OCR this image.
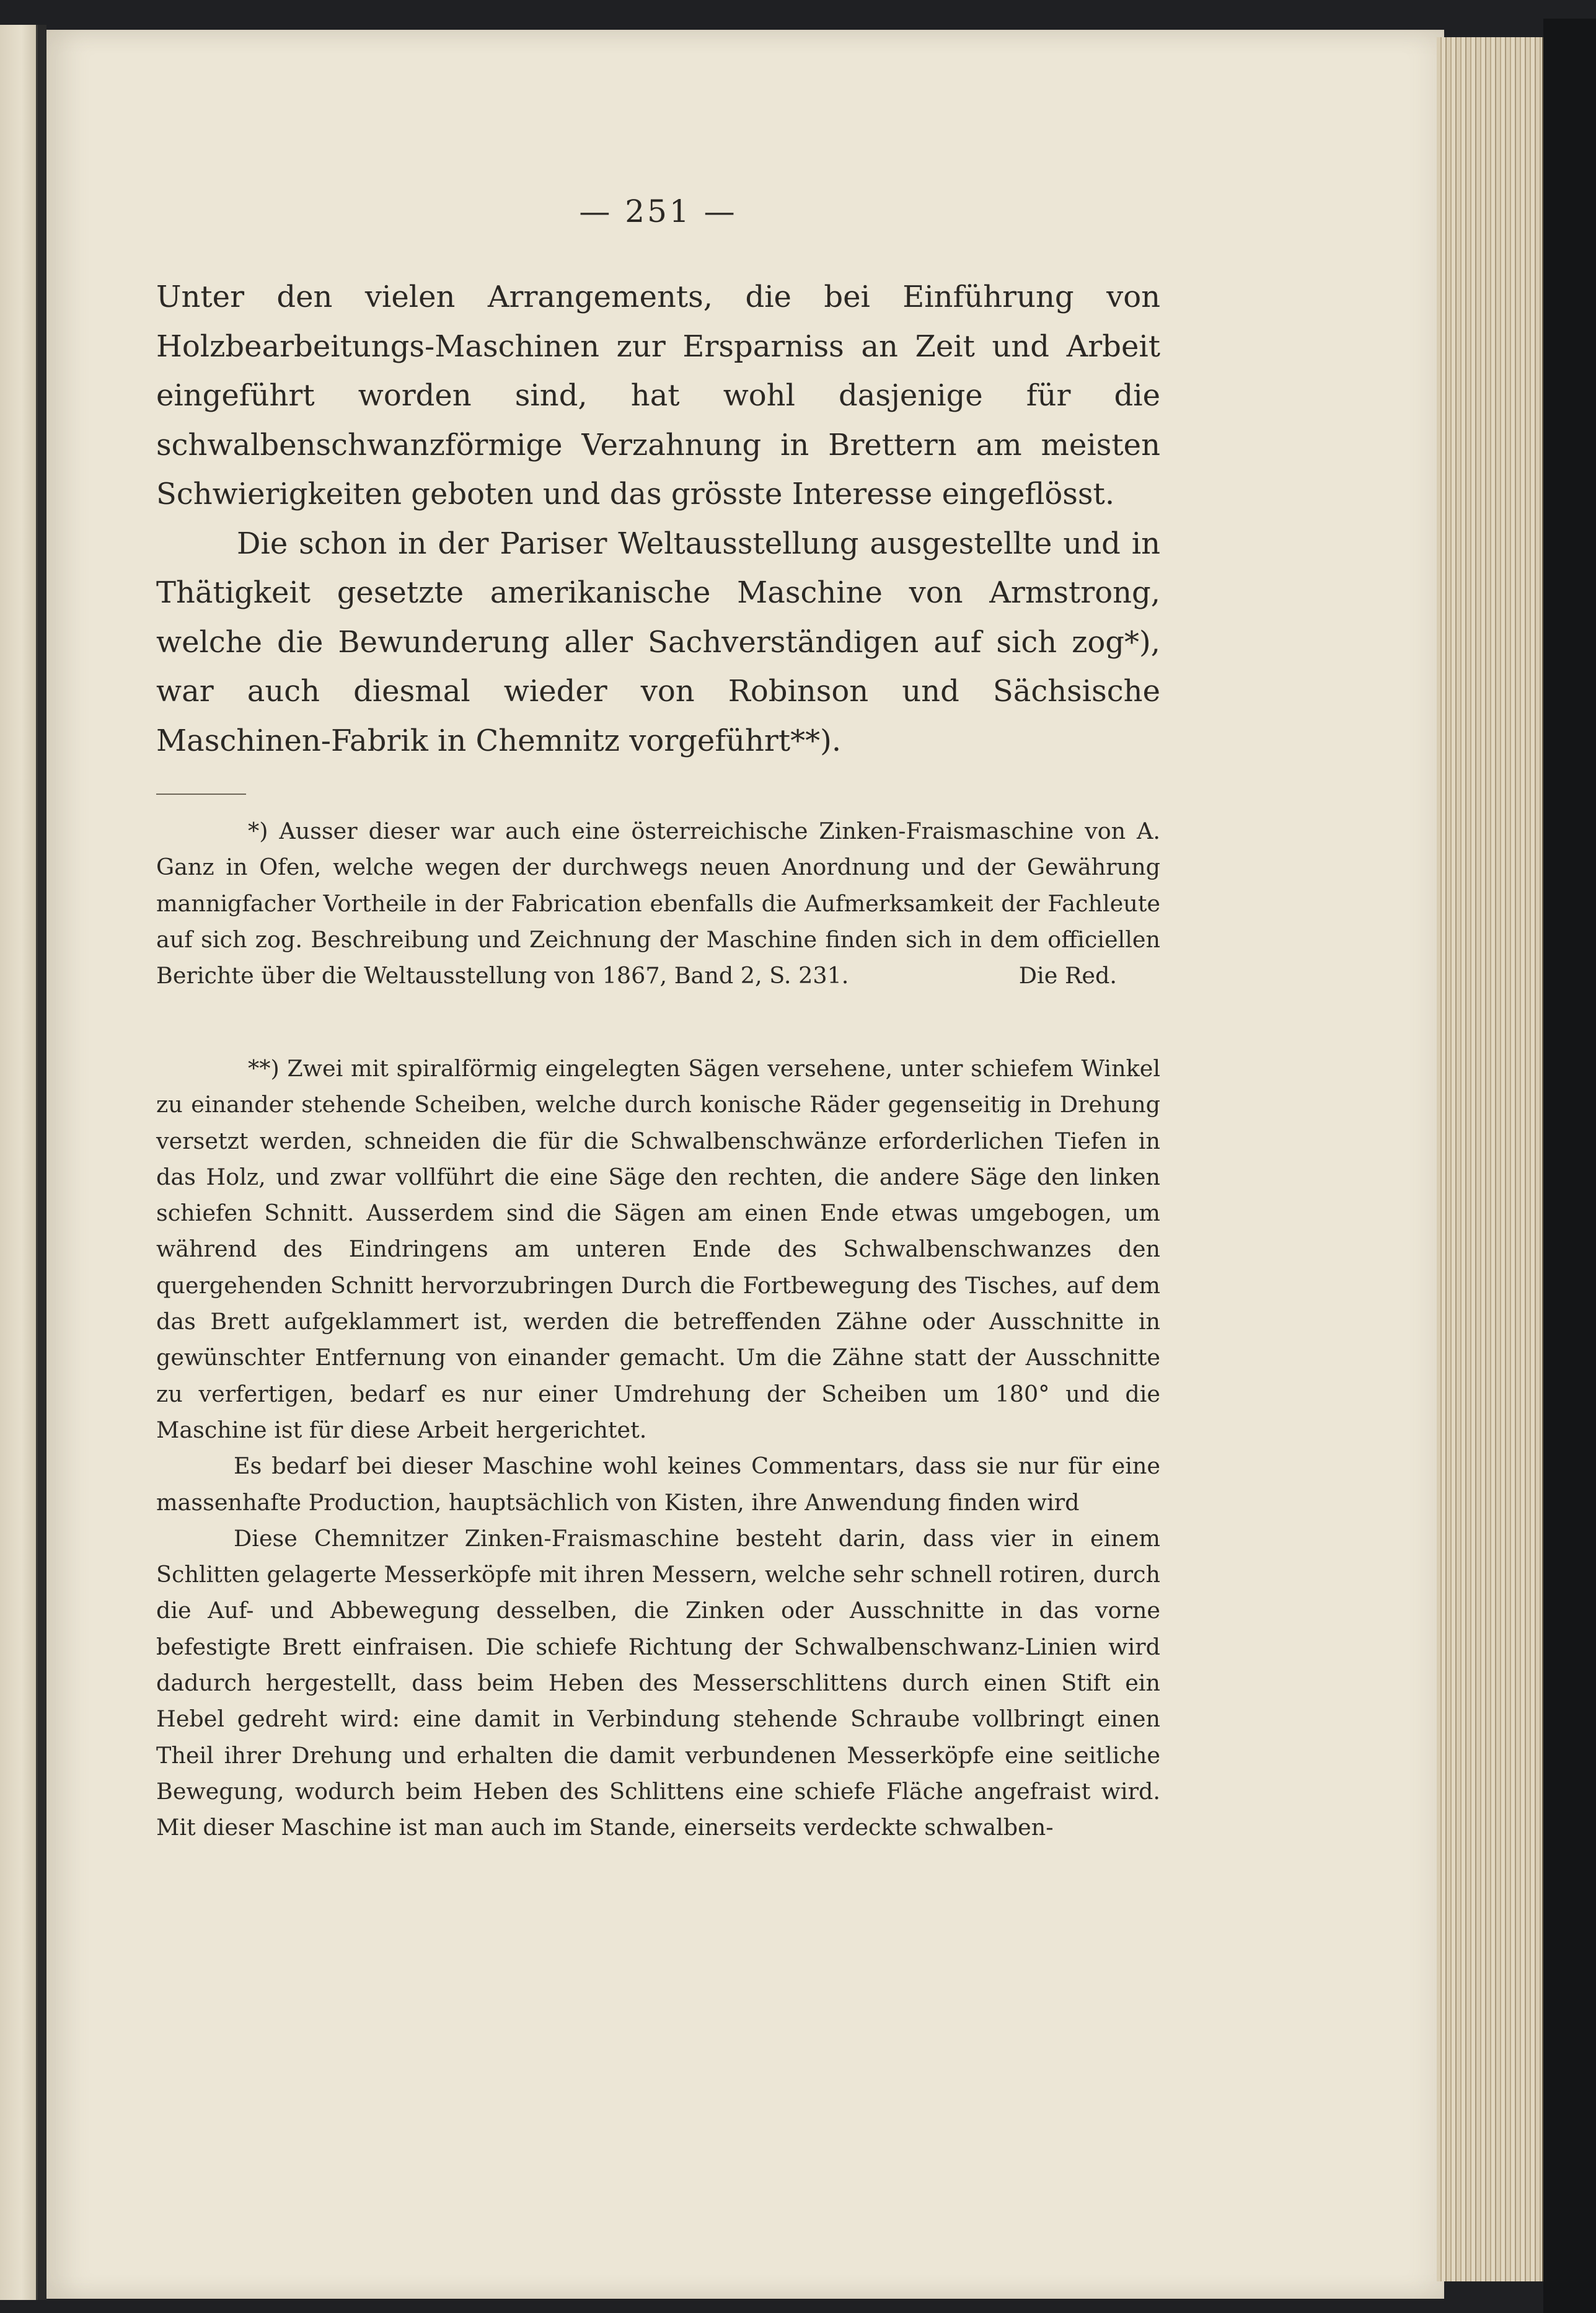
— 251 —

Unter den vielen Arrangements, die bei Einführung von Holzbearbeitungs-Maschinen zur Ersparniss an Zeit und Arbeit eingeführt worden sind, hat wohl dasjenige für die schwalbenschwanzförmige Verzahnung in Brettern am meisten Schwierigkeiten geboten und das grösste Interesse eingeflösst.

Die schon in der Pariser Weltausstellung ausgestellte und in Thätigkeit gesetzte amerikanische Maschine von Armstrong, welche die Bewunderung aller Sachverständigen auf sich zog*), war auch diesmal wieder von Robinson und Sächsische Maschinen-Fabrik in Chemnitz vorgeführt**).

*) Ausser dieser war auch eine österreichische Zinken-Fraismaschine von A. Ganz in Ofen, welche wegen der durchwegs neuen Anordnung und der Gewährung mannigfacher Vortheile in der Fabrication ebenfalls die Aufmerksamkeit der Fachleute auf sich zog. Beschreibung und Zeichnung der Maschine finden sich in dem officiellen Berichte über die Weltausstellung von 1867, Band 2, S. 231.	Die Red.

**) Zwei mit spiralförmig eingelegten Sägen versehene, unter schiefem Winkel zu einander stehende Scheiben, welche durch konische Räder gegenseitig in Drehung versetzt werden, schneiden die für die Schwalbenschwänze erforderlichen Tiefen in das Holz, und zwar vollführt die eine Säge den rechten, die andere Säge den linken schiefen Schnitt. Ausserdem sind die Sägen am einen Ende etwas umgebogen, um während des Eindringens am unteren Ende des Schwalbenschwanzes den quergehenden Schnitt hervorzubringen Durch die Fortbewegung des Tisches, auf dem das Brett aufgeklammert ist, werden die betreffenden Zähne oder Ausschnitte in gewünschter Entfernung von einander gemacht. Um die Zähne statt der Ausschnitte zu verfertigen, bedarf es nur einer Umdrehung der Scheiben um 180° und die Maschine ist für diese Arbeit hergerichtet.

Es bedarf bei dieser Maschine wohl keines Commentars, dass sie nur für eine massenhafte Production, hauptsächlich von Kisten, ihre Anwendung finden wird

Diese Chemnitzer Zinken-Fraismaschine besteht darin, dass vier in einem Schlitten gelagerte Messerköpfe mit ihren Messern, welche sehr schnell rotiren, durch die Auf- und Abbewegung desselben, die Zinken oder Ausschnitte in das vorne befestigte Brett einfraisen. Die schiefe Richtung der Schwalbenschwanz-Linien wird dadurch hergestellt, dass beim Heben des Messerschlittens durch einen Stift ein Hebel gedreht wird: eine damit in Verbindung stehende Schraube vollbringt einen Theil ihrer Drehung und erhalten die damit verbundenen Messerköpfe eine seitliche Bewegung, wodurch beim Heben des Schlittens eine schiefe Fläche angefraist wird. Mit dieser Maschine ist man auch im Stande, einerseits verdeckte schwalben-
